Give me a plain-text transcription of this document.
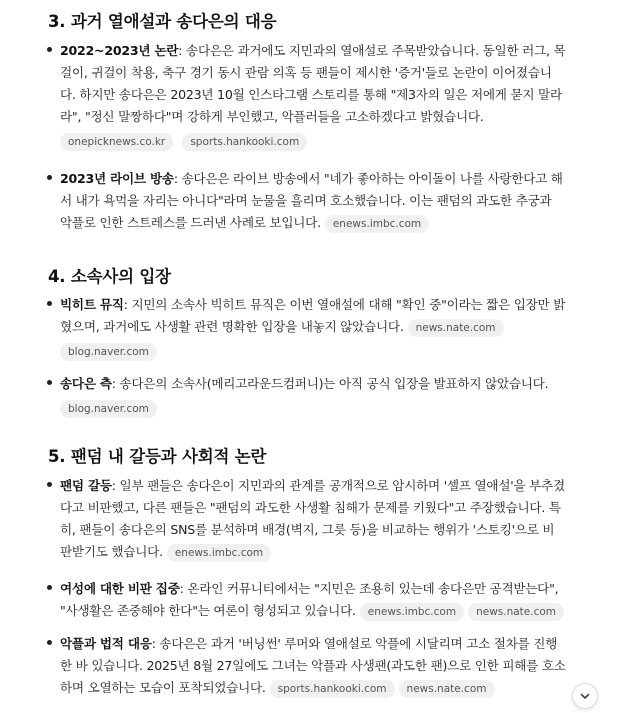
3. 과거 열애설과 송다은의 대응
2022~2023년 논란: 송다은은 과거에도 지민과의 열애설로 주목받았습니다. 동일한 러그, 목
걸이, 귀걸이 착용, 축구 경기 동시 관람 의혹 등 팬들이 제시한 '증거'들로 논란이 이어졌습니
다. 하지만 송다은은 2023년 10월 인스타그램 스토리를 통해 "제3자의 일은 저에게 묻지 말라
라", "정신 말짱하다"며 강하게 부인했고, 악플러들을 고소하겠다고 밝혔습니다.
onepicknews.co.kr sports.hankooki.com
2023년 라이브 방송: 송다은은 라이브 방송에서 "네가 좋아하는 아이돌이 나를 사랑한다고 해
서 내가 욕먹을 자리는 아니다"라며 눈물을 흘리며 호소했습니다. 이는 팬덤의 과도한 추궁과
악플로 인한 스트레스를 드러낸 사례로 보입니다. enews.imbc.com
4. 소속사의 입장
빅히트 뮤직: 지민의 소속사 빅히트 뮤직은 이번 열애설에 대해 "확인 중"이라는 짧은 입장만 밝
혔으며, 과거에도 사생활 관련 명확한 입장을 내놓지 않았습니다. news.nate.com
blog.naver.com
송다은 측: 송다은의 소속사(메리고라운드컴퍼니)는 아직 공식 입장을 발표하지 않았습니다.
blog.naver.com
5. 팬덤 내 갈등과 사회적 논란
팬덤 갈등: 일부 팬들은 송다은이 지민과의 관계를 공개적으로 암시하며 '셀프 열애설'을 부추겼
다고 비판했고, 다른 팬들은 "팬덤의 과도한 사생활 침해가 문제를 키웠다"고 주장했습니다. 특
히, 팬들이 송다은의 SNS를 분석하며 배경(벽지, 그릇 등)을 비교하는 행위가 '스토킹'으로 비
판받기도 했습니다. enews.imbc.com
여성에 대한 비판 집중: 온라인 커뮤니티에서는 "지민은 조용히 있는데 송다은만 공격받는다",
"사생활은 존중해야 한다"는 여론이 형성되고 있습니다. enews.imbc.com news.nate.com
악플과 법적 대응: 송다은은 과거 '버닝썬' 루머와 열애설로 악플에 시달리며 고소 절차를 진행
한 바 있습니다. 2025년 8월 27일에도 그녀는 악플과 사생팬(과도한 팬)으로 인한 피해를 호소
하며 오열하는 모습이 포착되었습니다. sports.hankooki.com news.nate.com
